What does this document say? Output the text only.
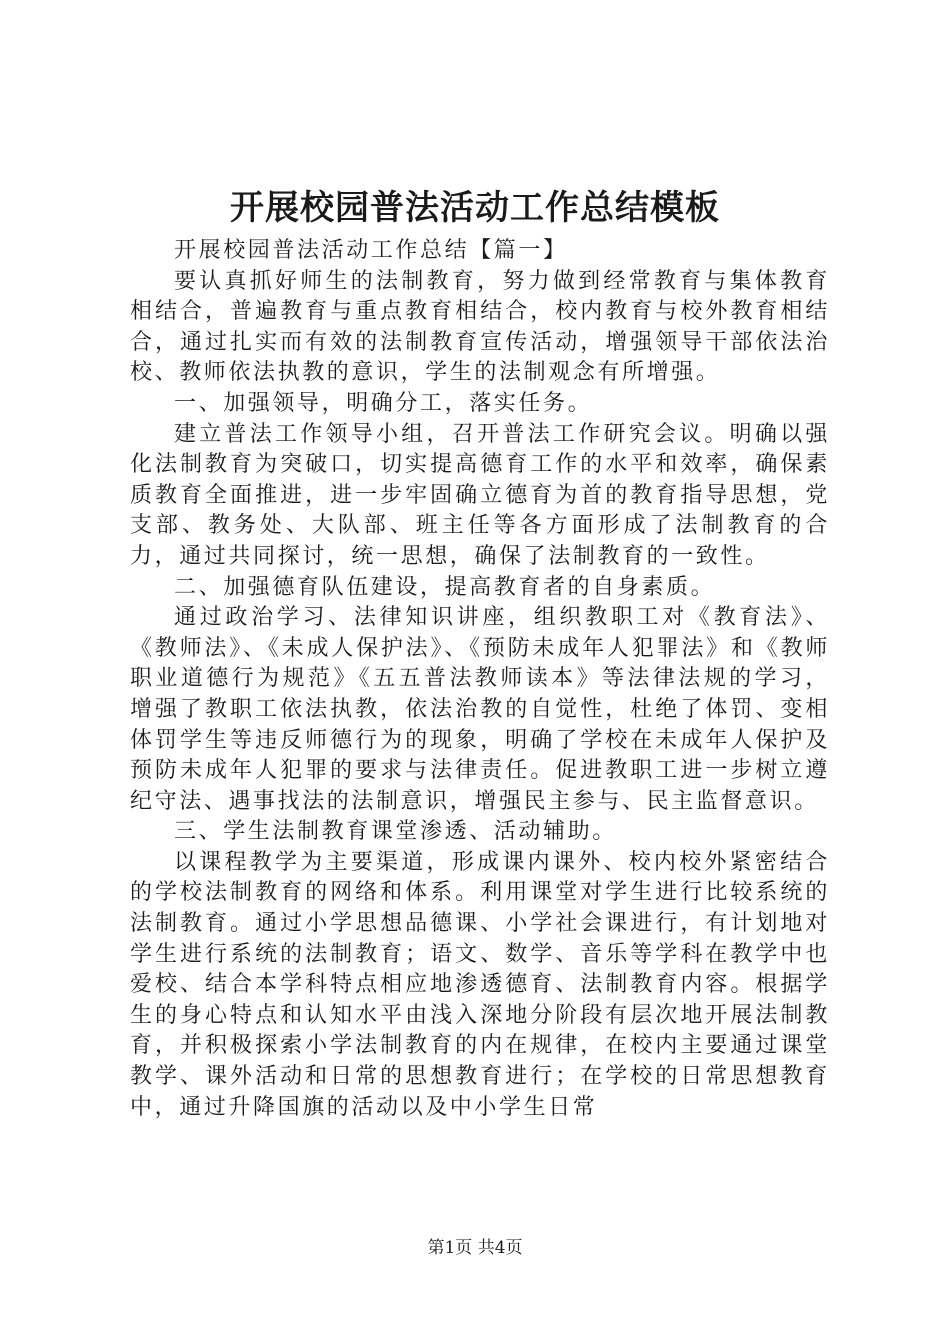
开展校园普法活动工作总结模板

开展校园普法活动工作总结【篇一】

要认真抓好师生的法制教育，努力做到经常教育与集体教育相结合，普遍教育与重点教育相结合，校内教育与校外教育相结合，通过扎实而有效的法制教育宣传活动，增强领导干部依法治校、教师依法执教的意识，学生的法制观念有所增强。

一、加强领导，明确分工，落实任务。

建立普法工作领导小组，召开普法工作研究会议。明确以强化法制教育为突破口，切实提高德育工作的水平和效率，确保素质教育全面推进，进一步牢固确立德育为首的教育指导思想，党支部、教务处、大队部、班主任等各方面形成了法制教育的合力，通过共同探讨，统一思想，确保了法制教育的一致性。

二、加强德育队伍建设，提高教育者的自身素质。

通过政治学习、法律知识讲座，组织教职工对《教育法》、《教师法》、《未成人保护法》、《预防未成年人犯罪法》和《教师职业道德行为规范》《五五普法教师读本》等法律法规的学习，增强了教职工依法执教，依法治教的自觉性，杜绝了体罚、变相体罚学生等违反师德行为的现象，明确了学校在未成年人保护及预防未成年人犯罪的要求与法律责任。促进教职工进一步树立遵纪守法、遇事找法的法制意识，增强民主参与、民主监督意识。

三、学生法制教育课堂渗透、活动辅助。

以课程教学为主要渠道，形成课内课外、校内校外紧密结合的学校法制教育的网络和体系。利用课堂对学生进行比较系统的法制教育。通过小学思想品德课、小学社会课进行，有计划地对学生进行系统的法制教育；语文、数学、音乐等学科在教学中也爱校、结合本学科特点相应地渗透德育、法制教育内容。根据学生的身心特点和认知水平由浅入深地分阶段有层次地开展法制教育，并积极探索小学法制教育的内在规律，在校内主要通过课堂教学、课外活动和日常的思想教育进行；在学校的日常思想教育中，通过升降国旗的活动以及中小学生日常

第1页 共4页
